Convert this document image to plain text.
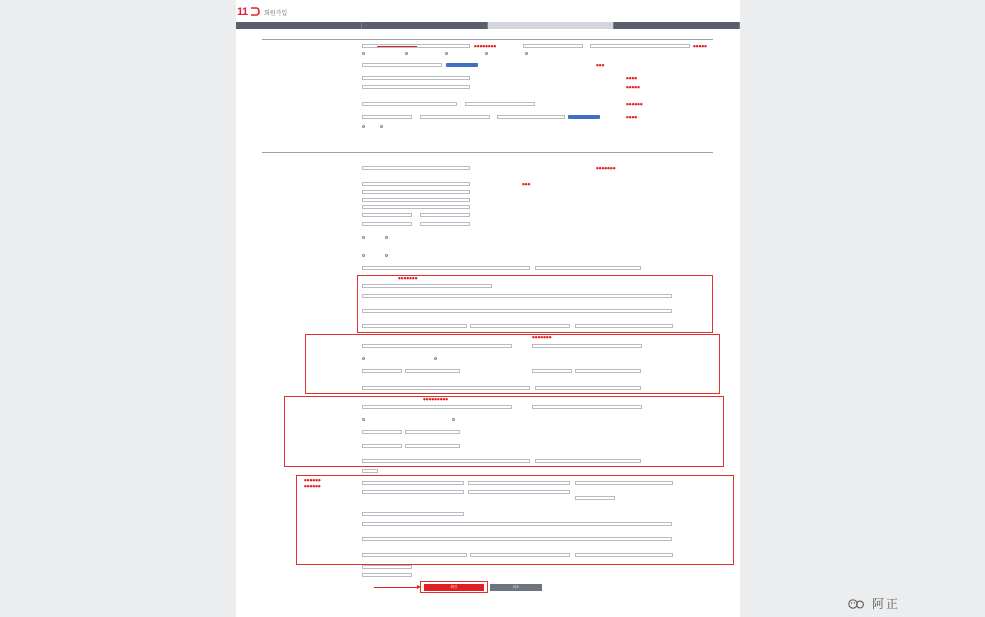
11	회원가입
●●●●●●●●	●●●●●
●●●
●●●●
●●●●●
●●●●●●
●●●●
●●●●●●●
●●●
●●●●●●●
●●●●●●●
●●●●●●●●●
●●●●●●
●●●●●●
확인	취소
阿正
